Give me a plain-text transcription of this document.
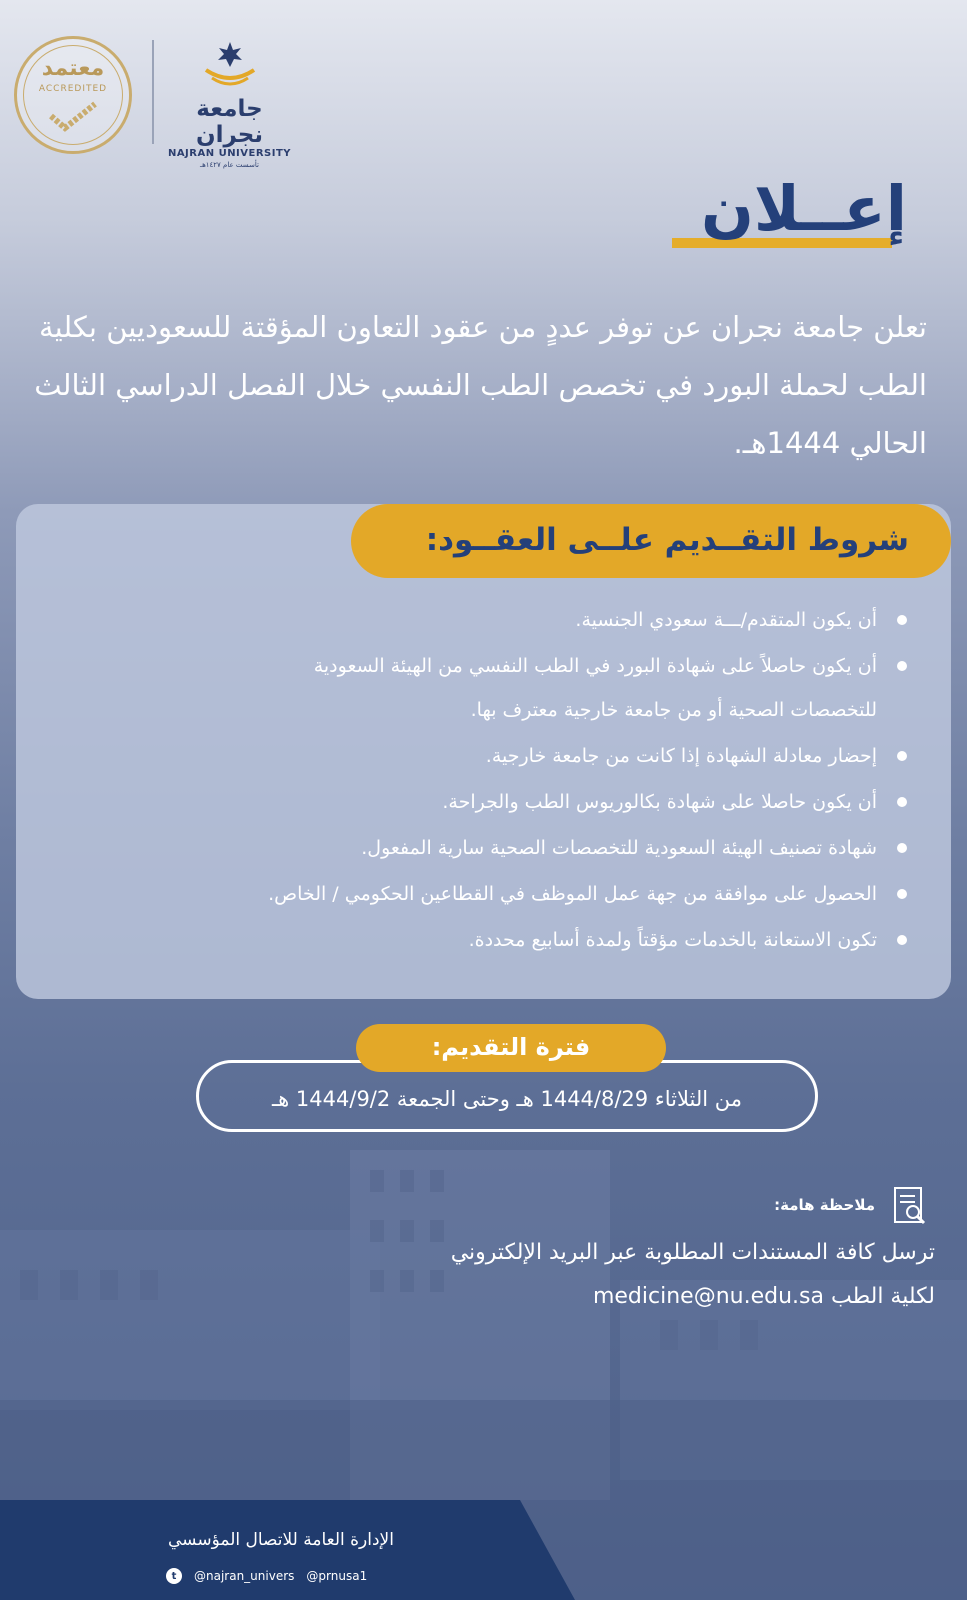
معتمد
ACCREDITED
جامعة نجران
NAJRAN UNIVERSITY
تأسست عام ١٤٢٧هـ
إعــلان

تعلن جامعة نجران عن توفر عددٍ من عقود التعاون المؤقتة للسعوديين بكلية الطب لحملة البورد في تخصص الطب النفسي خلال الفصل الدراسي الثالث الحالي 1444هـ.

شروط التقــديم علــى العقــود:
أن يكون المتقدم/ـــة سعودي الجنسية.
أن يكون حاصلاً على شهادة البورد في الطب النفسي من الهيئة السعودية
للتخصصات الصحية أو من جامعة خارجية معترف بها.
إحضار معادلة الشهادة إذا كانت من جامعة خارجية.
أن يكون حاصلا على شهادة بكالوريوس الطب والجراحة.
شهادة تصنيف الهيئة السعودية للتخصصات الصحية سارية المفعول.
الحصول على موافقة من جهة عمل الموظف في القطاعين الحكومي / الخاص.
تكون الاستعانة بالخدمات مؤقتاً ولمدة أسابيع محددة.
فترة التقديم:
من الثلاثاء 1444/8/29 هـ وحتى الجمعة 1444/9/2 هـ
ملاحظة هامة:
ترسل كافة المستندات المطلوبة عبر البريد الإلكتروني
لكلية الطب medicine@nu.edu.sa
الإدارة العامة للاتصال المؤسسي
t	@najran_univers @prnusa1
